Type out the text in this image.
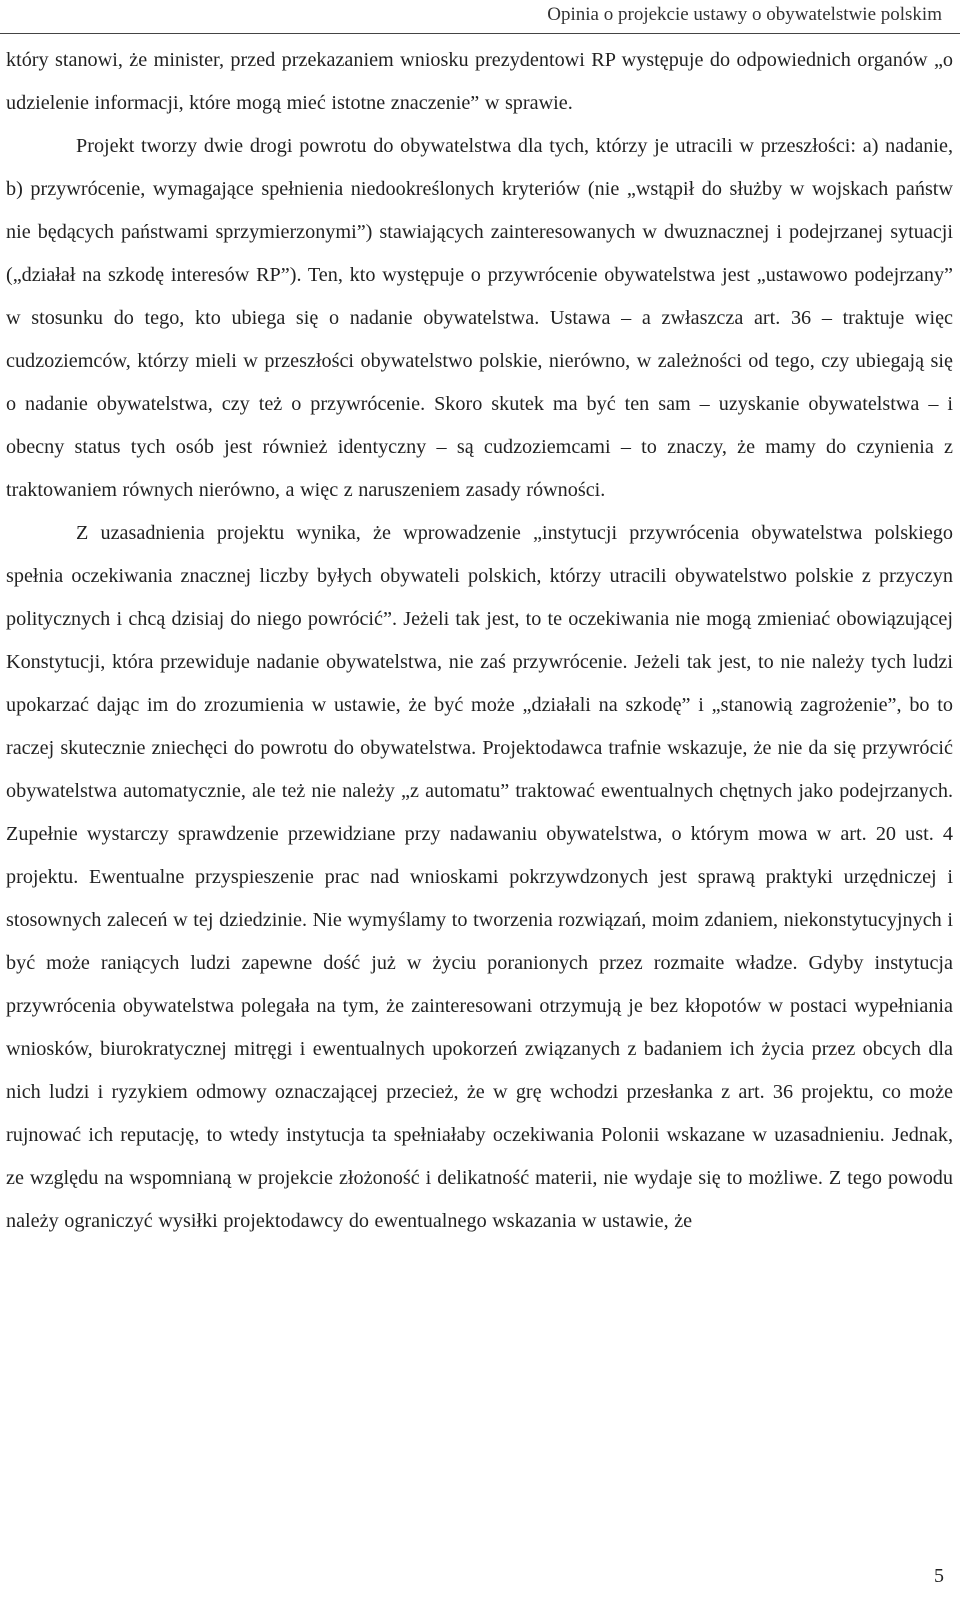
Opinia o projekcie ustawy o obywatelstwie polskim

który stanowi, że minister, przed przekazaniem wniosku prezydentowi RP występuje do odpowiednich organów „o udzielenie informacji, które mogą mieć istotne znaczenie” w sprawie.

Projekt tworzy dwie drogi powrotu do obywatelstwa dla tych, którzy je utracili w przeszłości: a) nadanie, b) przywrócenie, wymagające spełnienia niedookreślonych kryteriów (nie „wstąpił do służby w wojskach państw nie będących państwami sprzymierzonymi”) stawiających zainteresowanych w dwuznacznej i podejrzanej sytuacji („działał na szkodę interesów RP”). Ten, kto występuje o przywrócenie obywatelstwa jest „ustawowo podejrzany” w stosunku do tego, kto ubiega się o nadanie obywatelstwa. Ustawa – a zwłaszcza art. 36 – traktuje więc cudzoziemców, którzy mieli w przeszłości obywatelstwo polskie, nierówno, w zależności od tego, czy ubiegają się o nadanie obywatelstwa, czy też o przywrócenie. Skoro skutek ma być ten sam – uzyskanie obywatelstwa – i obecny status tych osób jest również identyczny – są cudzoziemcami – to znaczy, że mamy do czynienia z traktowaniem równych nierówno, a więc z naruszeniem zasady równości.

Z uzasadnienia projektu wynika, że wprowadzenie „instytucji przywrócenia obywatelstwa polskiego spełnia oczekiwania znacznej liczby byłych obywateli polskich, którzy utracili obywatelstwo polskie z przyczyn politycznych i chcą dzisiaj do niego powrócić”. Jeżeli tak jest, to te oczekiwania nie mogą zmieniać obowiązującej Konstytucji, która przewiduje nadanie obywatelstwa, nie zaś przywrócenie. Jeżeli tak jest, to nie należy tych ludzi upokarzać dając im do zrozumienia w ustawie, że być może „działali na szkodę” i „stanowią zagrożenie”, bo to raczej skutecznie zniechęci do powrotu do obywatelstwa. Projektodawca trafnie wskazuje, że nie da się przywrócić obywatelstwa automatycznie, ale też nie należy „z automatu” traktować ewentualnych chętnych jako podejrzanych. Zupełnie wystarczy sprawdzenie przewidziane przy nadawaniu obywatelstwa, o którym mowa w art. 20 ust. 4 projektu. Ewentualne przyspieszenie prac nad wnioskami pokrzywdzonych jest sprawą praktyki urzędniczej i stosownych zaleceń w tej dziedzinie. Nie wymyślamy to tworzenia rozwiązań, moim zdaniem, niekonstytucyjnych i być może raniących ludzi zapewne dość już w życiu poranionych przez rozmaite władze. Gdyby instytucja przywrócenia obywatelstwa polegała na tym, że zainteresowani otrzymują je bez kłopotów w postaci wypełniania wniosków, biurokratycznej mitręgi i ewentualnych upokorzeń związanych z badaniem ich życia przez obcych dla nich ludzi i ryzykiem odmowy oznaczającej przecież, że w grę wchodzi przesłanka z art. 36 projektu, co może rujnować ich reputację, to wtedy instytucja ta spełniałaby oczekiwania Polonii wskazane w uzasadnieniu. Jednak, ze względu na wspomnianą w projekcie złożoność i delikatność materii, nie wydaje się to możliwe. Z tego powodu należy ograniczyć wysiłki projektodawcy do ewentualnego wskazania w ustawie, że

5
